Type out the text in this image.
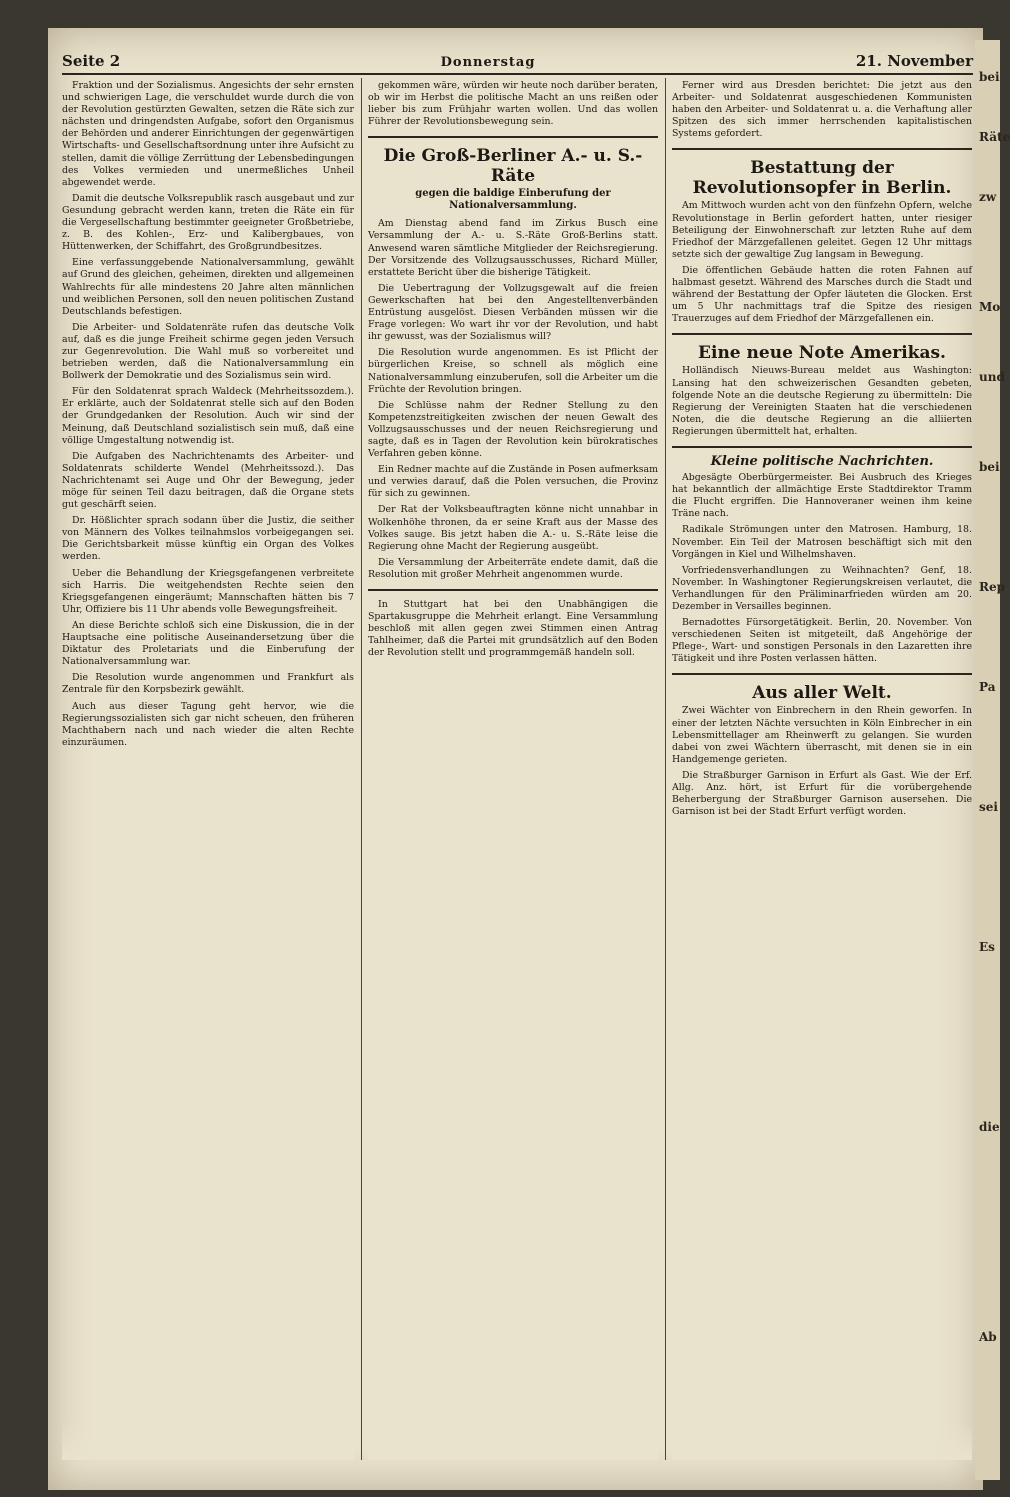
Seite 2	Donnerstag	21. November

Fraktion und der Sozialismus. Angesichts der sehr ernsten und schwierigen Lage, die verschuldet wurde durch die von der Revolution gestürzten Gewalten, setzen die Räte sich zur nächsten und dringendsten Aufgabe, sofort den Organismus der Behörden und anderer Einrichtungen der gegenwärtigen Wirtschafts- und Gesellschaftsordnung unter ihre Aufsicht zu stellen, damit die völlige Zerrüttung der Lebensbedingungen des Volkes vermieden und unermeßliches Unheil abgewendet werde.

Damit die deutsche Volksrepublik rasch ausgebaut und zur Gesundung gebracht werden kann, treten die Räte ein für die Vergesellschaftung bestimmter geeigneter Großbetriebe, z. B. des Kohlen-, Erz- und Kalibergbaues, von Hüttenwerken, der Schiffahrt, des Großgrundbesitzes.

Eine verfassunggebende Nationalversammlung, gewählt auf Grund des gleichen, geheimen, direkten und allgemeinen Wahlrechts für alle mindestens 20 Jahre alten männlichen und weiblichen Personen, soll den neuen politischen Zustand Deutschlands befestigen.

Die Arbeiter- und Soldatenräte rufen das deutsche Volk auf, daß es die junge Freiheit schirme gegen jeden Versuch zur Gegenrevolution. Die Wahl muß so vorbereitet und betrieben werden, daß die Nationalversammlung ein Bollwerk der Demokratie und des Sozialismus sein wird.

Für den Soldatenrat sprach Waldeck (Mehrheitssozdem.). Er erklärte, auch der Soldatenrat stelle sich auf den Boden der Grundgedanken der Resolution. Auch wir sind der Meinung, daß Deutschland sozialistisch sein muß, daß eine völlige Umgestaltung notwendig ist.

Die Aufgaben des Nachrichtenamts des Arbeiter- und Soldatenrats schilderte Wendel (Mehrheitssozd.). Das Nachrichtenamt sei Auge und Ohr der Bewegung, jeder möge für seinen Teil dazu beitragen, daß die Organe stets gut geschärft seien.

Dr. Hößlichter sprach sodann über die Justiz, die seither von Männern des Volkes teilnahmslos vorbeigegangen sei. Die Gerichtsbarkeit müsse künftig ein Organ des Volkes werden.

Ueber die Behandlung der Kriegsgefangenen verbreitete sich Harris. Die weitgehendsten Rechte seien den Kriegsgefangenen eingeräumt; Mannschaften hätten bis 7 Uhr, Offiziere bis 11 Uhr abends volle Bewegungsfreiheit.

An diese Berichte schloß sich eine Diskussion, die in der Hauptsache eine politische Auseinandersetzung über die Diktatur des Proletariats und die Einberufung der Nationalversammlung war.

Die Resolution wurde angenommen und Frankfurt als Zentrale für den Korpsbezirk gewählt.

Auch aus dieser Tagung geht hervor, wie die Regierungssozialisten sich gar nicht scheuen, den früheren Machthabern nach und nach wieder die alten Rechte einzuräumen.

gekommen wäre, würden wir heute noch darüber beraten, ob wir im Herbst die politische Macht an uns reißen oder lieber bis zum Frühjahr warten wollen. Und das wollen Führer der Revolutionsbewegung sein.

Die Groß-Berliner A.- u. S.-Räte
gegen die baldige Einberufung der Nationalversammlung.

Am Dienstag abend fand im Zirkus Busch eine Versammlung der A.- u. S.-Räte Groß-Berlins statt. Anwesend waren sämtliche Mitglieder der Reichsregierung. Der Vorsitzende des Vollzugsausschusses, Richard Müller, erstattete Bericht über die bisherige Tätigkeit.

Die Uebertragung der Vollzugsgewalt auf die freien Gewerkschaften hat bei den Angestelltenverbänden Entrüstung ausgelöst. Diesen Verbänden müssen wir die Frage vorlegen: Wo wart ihr vor der Revolution, und habt ihr gewusst, was der Sozialismus will?

Die Resolution wurde angenommen. Es ist Pflicht der bürgerlichen Kreise, so schnell als möglich eine Nationalversammlung einzuberufen, soll die Arbeiter um die Früchte der Revolution bringen.

Die Schlüsse nahm der Redner Stellung zu den Kompetenzstreitigkeiten zwischen der neuen Gewalt des Vollzugsausschusses und der neuen Reichsregierung und sagte, daß es in Tagen der Revolution kein bürokratisches Verfahren geben könne.

Ein Redner machte auf die Zustände in Posen aufmerksam und verwies darauf, daß die Polen versuchen, die Provinz für sich zu gewinnen.

Der Rat der Volksbeauftragten könne nicht unnahbar in Wolkenhöhe thronen, da er seine Kraft aus der Masse des Volkes sauge. Bis jetzt haben die A.- u. S.-Räte leise die Regierung ohne Macht der Regierung ausgeübt.

Die Versammlung der Arbeiterräte endete damit, daß die Resolution mit großer Mehrheit angenommen wurde.

In Stuttgart hat bei den Unabhängigen die Spartakusgruppe die Mehrheit erlangt. Eine Versammlung beschloß mit allen gegen zwei Stimmen einen Antrag Tahlheimer, daß die Partei mit grundsätzlich auf den Boden der Revolution stellt und programmgemäß handeln soll.

Ferner wird aus Dresden berichtet: Die jetzt aus den Arbeiter- und Soldatenrat ausgeschiedenen Kommunisten haben den Arbeiter- und Soldatenrat u. a. die Verhaftung aller Spitzen des sich immer herrschenden kapitalistischen Systems gefordert.

Bestattung der Revolutionsopfer in Berlin.

Am Mittwoch wurden acht von den fünfzehn Opfern, welche Revolutionstage in Berlin gefordert hatten, unter riesiger Beteiligung der Einwohnerschaft zur letzten Ruhe auf dem Friedhof der Märzgefallenen geleitet. Gegen 12 Uhr mittags setzte sich der gewaltige Zug langsam in Bewegung.

Die öffentlichen Gebäude hatten die roten Fahnen auf halbmast gesetzt. Während des Marsches durch die Stadt und während der Bestattung der Opfer läuteten die Glocken. Erst um 5 Uhr nachmittags traf die Spitze des riesigen Trauerzuges auf dem Friedhof der Märzgefallenen ein.

Eine neue Note Amerikas.

Holländisch Nieuws-Bureau meldet aus Washington: Lansing hat den schweizerischen Gesandten gebeten, folgende Note an die deutsche Regierung zu übermitteln: Die Regierung der Vereinigten Staaten hat die verschiedenen Noten, die die deutsche Regierung an die alliierten Regierungen übermittelt hat, erhalten.

Kleine politische Nachrichten.

Abgesägte Oberbürgermeister. Bei Ausbruch des Krieges hat bekanntlich der allmächtige Erste Stadtdirektor Tramm die Flucht ergriffen. Die Hannoveraner weinen ihm keine Träne nach.

Radikale Strömungen unter den Matrosen. Hamburg, 18. November. Ein Teil der Matrosen beschäftigt sich mit den Vorgängen in Kiel und Wilhelmshaven.

Vorfriedensverhandlungen zu Weihnachten? Genf, 18. November. In Washingtoner Regierungskreisen verlautet, die Verhandlungen für den Präliminarfrieden würden am 20. Dezember in Versailles beginnen.

Bernadottes Fürsorgetätigkeit. Berlin, 20. November. Von verschiedenen Seiten ist mitgeteilt, daß Angehörige der Pflege-, Wart- und sonstigen Personals in den Lazaretten ihre Tätigkeit und ihre Posten verlassen hätten.

Aus aller Welt.

Zwei Wächter von Einbrechern in den Rhein geworfen. In einer der letzten Nächte versuchten in Köln Einbrecher in ein Lebensmittellager am Rheinwerft zu gelangen. Sie wurden dabei von zwei Wächtern überrascht, mit denen sie in ein Handgemenge gerieten.

Die Straßburger Garnison in Erfurt als Gast. Wie der Erf. Allg. Anz. hört, ist Erfurt für die vorübergehende Beherbergung der Straßburger Garnison ausersehen. Die Garnison ist bei der Stadt Erfurt verfügt worden.

bei
Räte
zw
Mo
und
bei
Rep
Pa
sei
Es
die
Ab
